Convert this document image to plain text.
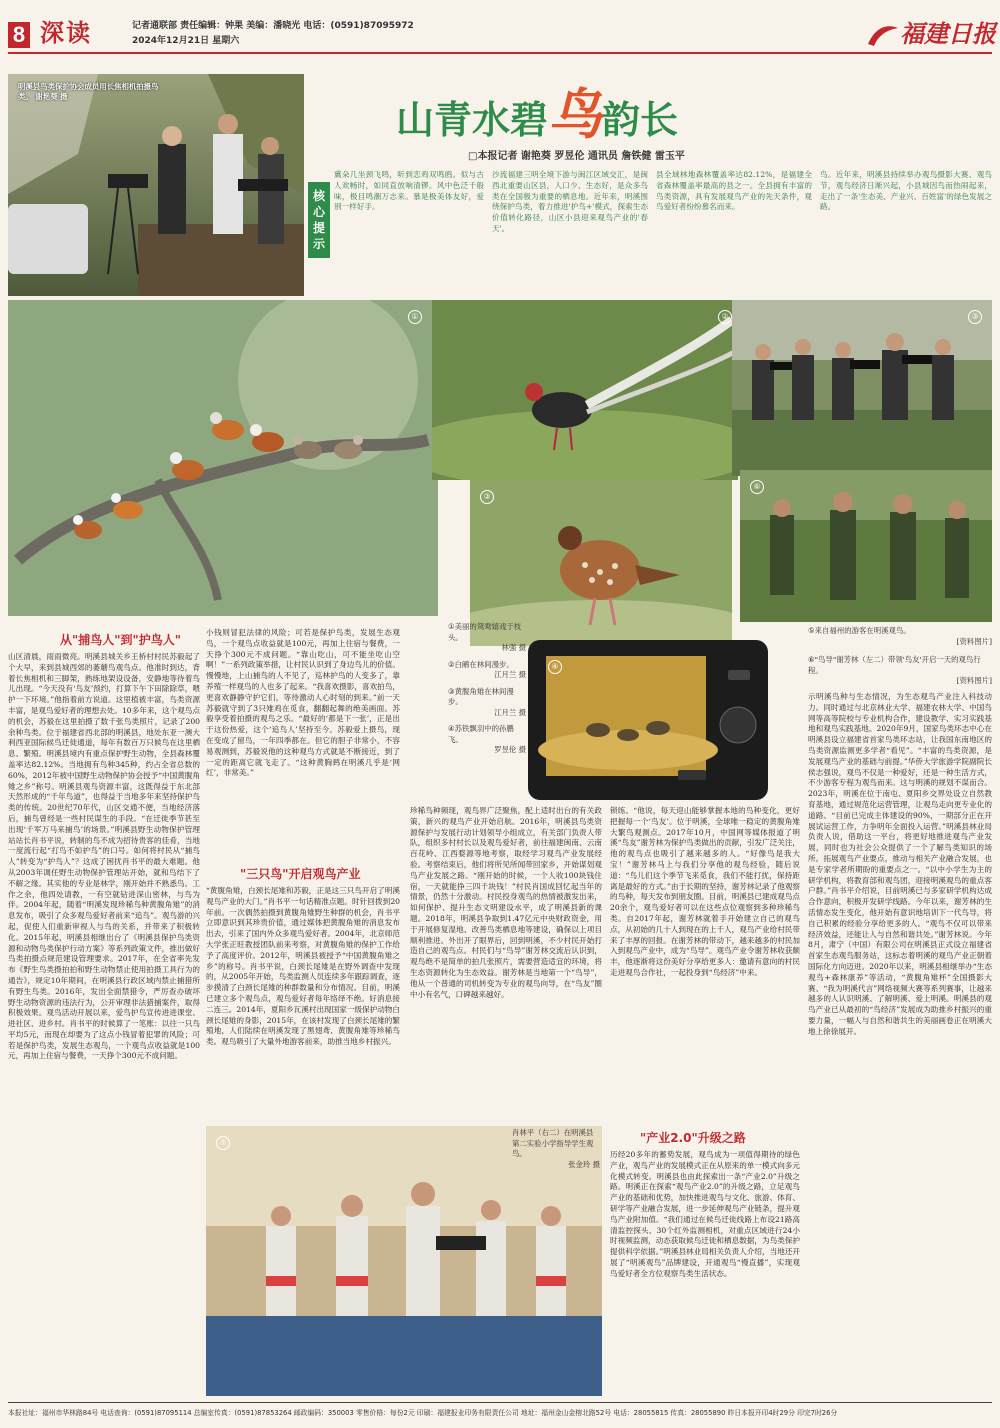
8 深读	记者通联部 责任编辑：钟果 美编：潘晓光 电话：(0591)87095972
2024年12月21日 星期六	福建日报
明溪县鸟类保护协会成员用长焦相机拍摄鸟类。 谢艳葵 摄
山青水碧鸟韵长
□本报记者 谢艳葵 罗昱伦 通讯员 詹铁健 雷玉平
核心提示
冀朵几坐颈飞鸣，听到恋鸡双鸣鸥。似与古人欢畅时，如同直放响清锣。风中色泛千般味，极目鸣潮万志来。慕是极美体友好，爱别一样好手。
沙流福建三明全境下游与闽江区域交汇，是闽西北重要山区县，人口少、生态好，是众多鸟类在全国极为重要的栖息地。近年来，明溪围绕保护鸟类，着力推进'护鸟+'模式，探索生态价值转化路径，山区小县迎来观鸟产业的'春天'。
县全域林地森林覆盖率达82.12%，是福建全省森林覆盖率最高的县之一。全县拥有丰富的鸟类资源，具有发展观鸟产业的先天条件，观鸟爱好者纷纷慕名而来。
鸟。近年来，明溪县持续举办观鸟摄影大赛、观鸟节，观鸟经济日渐兴起，小县城因鸟而热闹起来，走出了一条'生态美、产业兴、百姓富'的绿色发展之路。
①	②	③
⑥
③
④
①美丽的鸳鸯嬉戏于枝头。
林强 摄
②白鹇在林间漫步。
江月兰 摄
③黄腹角雉在林间漫步。
江月兰 摄
④苏铁飘羽中的孙鹏飞。
罗昱伦 摄
⑤来自福州的游客在明溪观鸟。
[资料图片]
⑥"鸟导"谢芳林（左二）带领'鸟友'开启一天的观鸟行程。
[资料图片]
从"捕鸟人"到"护鸟人"
山区清晨，雨雨微亮。明溪县城关乡王桥村村民苏毅起了个大早，来到县城西郊的萎蘑鸟观鸟点。他准时到达，背着长焦相机和三脚架，熟练地架设设备，安静地等待着鸟儿出现。“今天没有‘鸟友’预约，打算下午下田除除草，喂护一下环境。”他指着前方说道。这里植被丰富，鸟类资源丰富，是观鸟爱好者的理想去处。10多年来，这个观鸟点的机会，苏毅在这里拍摄了数千张鸟类照片，记录了200余种鸟类。位于福建省西北部的明溪县，地处东亚一澳大利西亚国际候鸟迁徙通道，每年有数百万只候鸟在这里栖息、繁殖。明溪县境内有重点保护野生动物，全县森林覆盖率达82.12%。当地拥有鸟种345种，约占全省总数的60%，2012年被中国野生动物保护协会授予“中国黄腹角雉之乡”称号。明溪县观鸟资源丰富，这既得益于东北部天然形成的“千年鸟道”，也得益于当地多年来坚持保护鸟类的传统。20世纪70年代，山区交通不便，当地经济落后，捕鸟曾经是一些村民谋生的手段。“在迁徙季节甚至出现‘千军万马来捕鸟’的场景。”明溪县野生动物保护管理站站长肖书平说，转制的鸟不成为招待贵客的佳肴，当地一度流行起“打鸟不如护鸟”的口号。如何将村民从“捕鸟人”转变为“护鸟人”？这成了困扰肖书平的最大难题。他从2003年调任野生动物保护管理站开始，就和鸟结下了不解之缘。其实他的专业是林学，刚开始并不熟悉鸟。工作之余，他四处请教，一有空就钻进深山密林，与鸟为伴。2004年起，随着“明溪发现珍稀鸟种黄腹角雉”的消息发布，吸引了众多观鸟爱好者前来“追鸟”。观鸟游的兴起，促使人们重新审视人与鸟的关系，并带来了积极转化。2015年起，明溪县相继出台了《明溪县保护鸟类资源和动物鸟类保护行动方案》等系列政策文件，推出做好鸟类拍摄点规范建设管理要求。2017年，在全省率先发布《野生鸟类摄拍拍和野生动物禁止使用拍摄工具行为的通告》，规定10年期间，在明溪县行政区域内禁止捕猎所有野生鸟类。2016年，发出全面禁猎令，严厉查办破坏野生动物资源的违法行为，公开审理非法猎捕案件，取得积极效果。观鸟活动开展以来，爱鸟护鸟宣传进进课堂、进社区、进乡村。肖书平的时候算了一笔账：以往一只鸟平均5元，而现在却要为了这点小钱冒着犯罪的风险；可若是保护鸟类，发展生态观鸟，一个观鸟点收益就是100元，再加上住宿与餐费，一天挣个300元不成问题。
小钱则冒犯法律的风险；可若是保护鸟类，发展生态观鸟，一个观鸟点收益就是100元，再加上住宿与餐费，一天挣个300元不成问题。“靠山吃山，可不能坐吃山空啊！”一系列政策举措，让村民认识到了身边鸟儿的价值。慢慢地，上山捕鸟的人不见了，巡林护鸟的人变多了，靠养殖一样观鸟的人也多了起来。“我喜欢摄影，喜欢拍鸟，更喜欢静静守护它们，等待激动人心时刻的到来。”前一天苏毅就守到了3只雉鸡在觅食，翻翻起舞的绝美画面。苏毅享受着拍摄的观鸟之乐。“最好的‘都是下一张’，正是出于这份热爱，这个‘追鸟人’坚持至今。苏毅爱上摄鸟，现在变成了留鸟，一年四季都在。但它的胆子非常小，不容易观测到，苏毅说他的这种观鸟方式就是不断接近，到了一定的距离它就飞走了。“这种黄胸鹀在明溪几乎是‘网红’，非常美。”
"三只鸟"开启观鸟产业
“黄腹角雉，白颈长尾雉和苏毅，正是这三只鸟开启了明溪观鸟产业的大门。”肖书平一句话精准点题。时针回拨到20年前。一次偶然拍摄到黄腹角雉野生种群的机会，肖书平立即意识到其珍贵价值，通过媒体把黄腹角雉的消息发布出去，引来了国内外众多观鸟爱好者。2004年，北京师范大学张正旺教授团队前来考察，对黄腹角雉的保护工作给予了高度评价。2012年，明溪县被授予“中国黄腹角雉之乡”的称号。肖书平说，白颈长尾雉是在野外调查中发现的，从2005年开始，鸟类监测人员连续多年跟踪调查，逐步摸清了白颈长尾雉的种群数量和分布情况。目前，明溪已建立多个观鸟点，观鸟爱好者每年络绎不绝。好消息接二连三。2014年，夏阳乡瓦溪村出现国家一级保护动物白颈长尾雉的身影，2015年，在该村发现了白颈长尾雉的繁殖地，人们陆续在明溪发现了黑翅鸢、黄腹角雉等珍稀鸟类。观鸟吸引了大量外地游客前来，助推当地乡村振兴。
珍稀鸟种频现，观鸟界广泛聚焦，配上适时出台的有关政策，新兴的观鸟产业开始启航。2016年，明溪县鸟类资源保护与发展行动计划领导小组成立，有关部门负责人带队，组织多村村长以及观鸟爱好者，前往福建闽南、云南百花岭、江西婺源等地考察，取经学习观鸟产业发展经验。考察结束后，他们将所见所闻带回家乡，开始谋划观鸟产业发展之路。“刚开始的时候，一个人收100块钱住宿，一天就能挣三四千块钱！”村民肖国成回忆起当年的情景，仍然十分激动。村民投身观鸟的热情被激发出来，如何保护、提升生态文明建设水平，成了明溪县新的课题。2018年，明溪县争取到1.47亿元中央财政资金，用于开展修复湿地、改善鸟类栖息地等建设，确保以上项目顺利推进。外出开了眼界后，回到明溪，不少村民开始打造自己的观鸟点。村民们与“鸟导”谢芳林交流后认识到，观鸟绝不是简单的拍几张照片，需要营造适宜的环境，将生态资源转化为生态效益。谢芳林是当地第一个“鸟导”，他从一个普通的司机转变为专业的观鸟向导，在“鸟友”圈中小有名气，口碑越来越好。
锁练。“他说，每天迎山能够掌握本地的鸟种变化，更好把握每一个‘鸟友’。位于明溪，全球唯一稳定的黄腹角雉大繁鸟观测点。2017年10月，中国网等媒体报道了明溪“鸟友”谢芳林为保护鸟类做出的贡献，引发广泛关注，他的观鸟点也吸引了越来越多的人。“好像鸟是我大宝！”谢芳林马上与我们分享他的观鸟经验，随后说道：“鸟儿们这个季节飞来觅食，我们不能打扰，保持距离是最好的方式。”由于长期的坚持，谢芳林记录了他观察的鸟种，每天发布到朋友圈。目前，明溪县已建成观鸟点20余个，观鸟爱好者可以在这些点位观察到多种珍稀鸟类。自2017年起，谢芳林就着手开始建立自己的观鸟点，从初始的几十人到现在的上千人，观鸟产业给村民带来了丰厚的回报。在谢芳林的带动下，越来越多的村民加入到观鸟产业中，成为“鸟导”。观鸟产业令谢芳林收获颇丰，他逐渐将这份美好分享给更多人：邀请有意向的村民走进观鸟合作社，一起投身到“鸟经济”中来。
示明溪鸟种与生态情况，为生态观鸟产业注入科技动力。同时通过与北京林业大学、福建农林大学、中国鸟网等高等院校与专业机构合作，建设教学、实习实践基地和观鸟实践基地。2020年9月，国家鸟类环志中心在明溪县设立福建省首家鸟类环志站，让我国东南地区的鸟类资源监测更多学者“看见”。“丰富的鸟类资源，是发展观鸟产业的基础与前提。”华侨大学旅游学院副院长侯志强说，观鸟不仅是一种爱好，还是一种生活方式，不少游客专程为观鸟而来。这与明溪的规划不谋而合。2023年，明溪在位于南屯、夏阳乡交界处设立自然教育基地，通过规范化运营管理，让观鸟走向更专业化的道路。“目前已完成主体建设的90%，一期部分正在开展试运营工作，力争明年全面投入运营。”明溪县林业局负责人说，借助这一平台，将更好地推进观鸟产业发展，同时也为社会公众提供了一个了解鸟类知识的场所。拓展观鸟产业要点，推动与相关产业融合发展，也是专家学者所期盼的重要点之一。“以中小学生为主的研学机构，将教育部和观鸟团，迎接明溪观鸟的重点客户群。”肖书平介绍说，目前明溪已与多家研学机构达成合作意向，积极开发研学线路。今年以来，谢芳林的生活情态发生变化，他开始有意识地培训下一代鸟导，将自己积累的经验分享给更多的人。“观鸟不仅可以带来经济效益，还能让人与自然和谐共处。”谢芳林说。今年8月，肃宁（中国）有限公司在明溪县正式设立福建省首家生态观鸟服务站，这标志着明溪的观鸟产业正朝着国际化方向迈进。2020年以来，明溪县相继举办“生态观鸟+森林康养”等活动，“黄腹角雉杯”全国摄影大赛、“我为明溪代言”网络视频大赛等系列赛事，让越来越多的人认识明溪、了解明溪、爱上明溪。明溪县的观鸟产业已从最初的“鸟经济”发展成为助推乡村振兴的重要力量，一幅人与自然和谐共生的美丽画卷正在明溪大地上徐徐展开。
⑦
肖林平（右二）在明溪县第二实验小学指导学生观鸟。
张金玲 摄
"产业2.0"升级之路
历经20多年的蓄势发展，观鸟成为一项值得期待的绿色产业，观鸟产业的发展模式正在从原来的单一模式向多元化模式转变。明溪县也由此探索出一条“产业2.0”升级之路。明溪正在探索“观鸟产业2.0”的升级之路，立足观鸟产业的基础和优势，加快推进观鸟与文化、旅游、体育、研学等产业融合发展，进一步延伸观鸟产业链条，提升观鸟产业附加值。“我们通过在候鸟迁徙线路上布设21路高清监控探头、30个红外监测相机，对重点区域进行24小时视频监测，动态获取候鸟迁徙和栖息数据，为鸟类保护提供科学依据。”明溪县林业局相关负责人介绍，当地还开展了“明溪观鸟”品牌建设，开通观鸟“慢直播”，实现观鸟爱好者全方位观察鸟类生活状态。
本报社址：福州市华林路84号 电话查询：(0591)87095114 总编室传真：(0591)87853264 邮政编码：350003 零售价格：每份2元 印刷：福建报业印务有限责任公司 地址：福州金山金榕北路52号 电话：28055815 传真：28055890 昨日本报开印4时29分 印完7时26分
